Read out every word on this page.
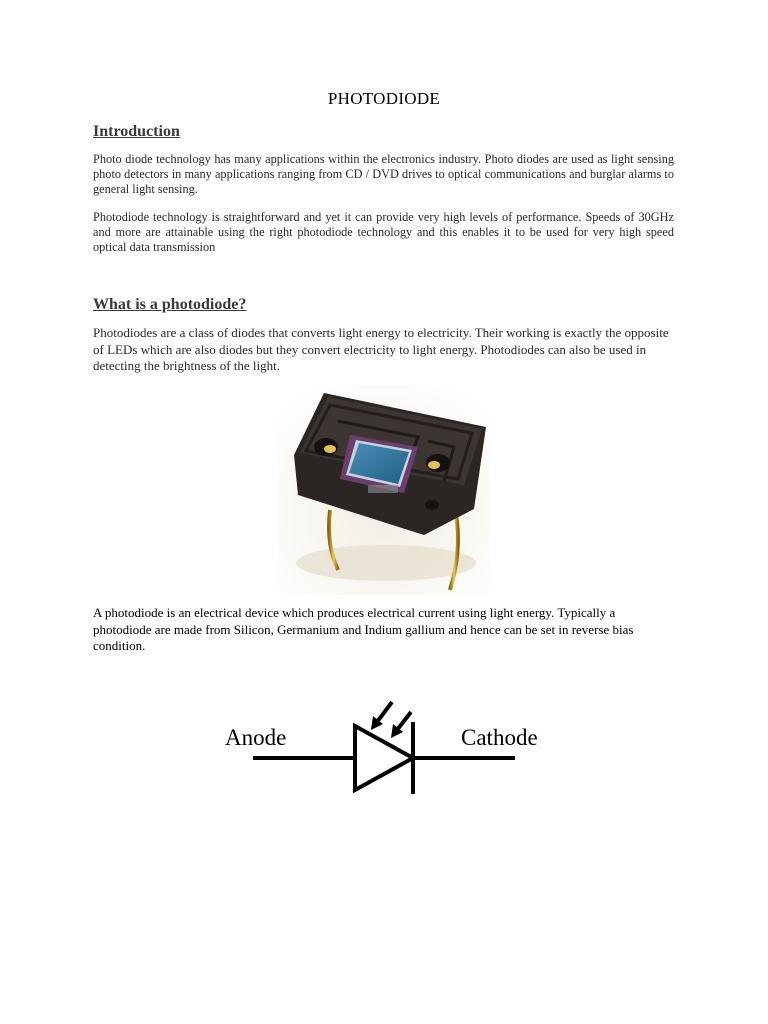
PHOTODIODE
Introduction
Photo diode technology has many applications within the electronics industry. Photo diodes are used as light sensing photo detectors in many applications ranging from CD / DVD drives to optical communications and burglar alarms to general light sensing.
Photodiode technology is straightforward and yet it can provide very high levels of performance. Speeds of 30GHz and more are attainable using the right photodiode technology and this enables it to be used for very high speed optical data transmission
What is a photodiode?
Photodiodes are a class of diodes that converts light energy to electricity. Their working is exactly the opposite of LEDs which are also diodes but they convert electricity to light energy. Photodiodes can also be used in detecting the brightness of the light.
A photodiode is an electrical device which produces electrical current using light energy. Typically a photodiode are made from Silicon, Germanium and Indium gallium and hence can be set in reverse bias condition.
Anode	Cathode
